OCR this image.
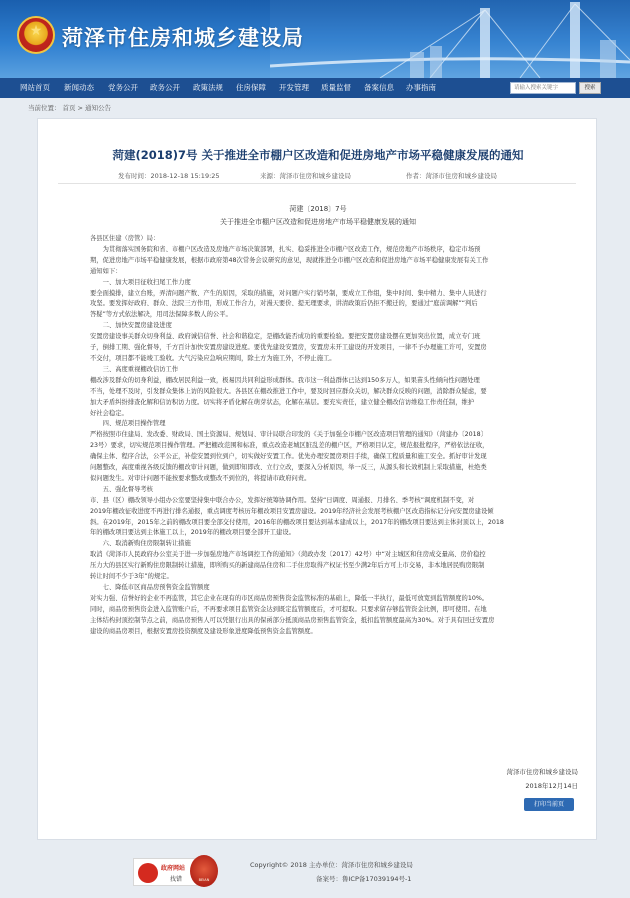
★ 菏泽市住房和城乡建设局
网站首页 新闻动态 党务公开 政务公开 政策法规 住房保障 开发管理 质量监督 备案信息 办事指南	请输入搜索关键字	搜索
当前位置： 首页 > 通知公告
菏建(2018)7号 关于推进全市棚户区改造和促进房地产市场平稳健康发展的通知
发布时间：2018-12-18 15:19:25	来源：菏泽市住房和城乡建设局	作者：菏泽市住房和城乡建设局
菏建〔2018〕7号
关于推进全市棚户区改造和促进房地产市场平稳健康发展的通知

各县区住建（房管）局：

　　为贯彻落实国务院和省、市棚户区改造及房地产市场决策部署，扎实、稳妥推进全市棚户区改造工作，规范房地产市场秩序，稳定市场预

期，促进房地产市场平稳健康发展，根据市政府第48次常务会议研究的意见，现就推进全市棚户区改造和促进房地产市场平稳健康发展有关工作

通知如下：

　　一、加大项目征收扫尾工作力度

要全面摸排，建立台账，弄清问题产数、产生的原因，采取的措施，对问题户实行销号制，要成立工作组，集中时间、集中精力、集中人员进行

攻坚。要发挥好政府、群众、法院三方作用，形成工作合力，对漫天要价、提无理要求，讲清政策后仍拒不搬迁的，要通过“庭前调解”“判后

答疑”等方式依法解决，用司法保障多数人的公平。

　　二、加快安置房建设进度

安置房建设事关群众切身利益、政府诚信信誉、社会和谐稳定，是棚改能否成功的重要检验。要把安置房建设摆在更加突出位置，成立专门班

子，倒排工期、强化督导，千方百计加快安置房建设进度。要优先建设安置房，安置房未开工建设的开发项目，一律不予办理施工许可，安置房

不交付，项目都不能竣工验收。大气污染应急响应期间，除土方为施工外，不停止施工。

　　三、高度重视棚改信访工作

棚改涉及群众的切身利益，棚改居民利益一致，极易因共同利益形成群体。我市这一利益群体已达到150多万人，如果苗头性倾向性问题处理

不当，处理不及时，引发群众集体上访的风险很大。各县区在棚改推进工作中，要及时回应群众关切，解决群众反映的问题，消除群众疑虑，要

加大矛盾纠纷排查化解和信访积访力度。切实将矛盾化解在萌芽状态，化解在基层。要充实责任，建立健全棚改信访维稳工作责任制，维护

好社会稳定。

　　四、规范项目操作管理

严格按照市住建局、发改委、财政局、国土资源局、规划局、审计局联合印发的《关于加强全市棚户区改造项目管理的通知》（菏建办〔2018〕

23号）要求，切实规范项目操作管理。严把棚改范围和标准，重点改造老城区脏乱差的棚户区，严格项目认定，规范报批程序，严格依法征收，

确保主体、程序合法，公平公正，补偿安置到位到户，切实做好安置工作。优先办理安置房项目手续，确保工程质量和施工安全。抓好审计发现

问题整改，高度重视各级反馈的棚改审计问题，做到即知即改、立行立改，要深入分析原因，举一反三，从源头和长效机制上采取措施，杜绝类

似问题发生。对审计问题不能按要求整改或整改不到位的，将提请市政府问责。

　　五、强化督导考核

市、县（区）棚改领导小组办公室要坚持集中联合办公，发挥好统筹协调作用。坚持“日调度、周通报、月排名、季考核”调度机制不变，对

2019年棚改征收进度不再进行排名通报，重点调度考核历年棚改项目安置房建设。2019年经济社会发展考核棚户区改造指标记分向安置房建设倾

斜。在2019年，2015年之前的棚改项目要全部交付使用，2016年的棚改项目要达到基本建成以上，2017年的棚改项目要达到主体封顶以上，2018

年的棚改项目要达到主体施工以上，2019年的棚改项目要全部开工建设。

　　六、取消新购住房限制转让措施

取消《菏泽市人民政府办公室关于进一步加强房地产市场调控工作的通知》（菏政办发〔2017〕42号）中“对主城区和住房成交量高、房价稳控

压力大的县区实行新购住房限制转让措施，即所购买的新建商品住房和二手住房取得产权证书至少满2年后方可上市交易，非本地居民购房限制

转让时间不少于3年”的规定。

　　七、降低市区商品房预售资金监管额度

对实力强、信誉好的企业不再监管，其它企业在现有的市区商品房预售资金监管标准的基础上，降低一半执行，最低可放宽到监管额度的10%。

同时，商品房预售资金进入监管账户后，不再要求项目监管资金达到既定监管额度后，才可提取。只要求留存够监管资金比例，即可使用。在地

主体结构封顶控制节点之前，商品房预售人可以凭银行出具的保函部分抵顶商品房预售监管资金，抵扣监管额度最高为30%。对于具有回迁安置房

建设的商品房项目，根据安置房投资额度及建设形象进度降低预售资金监管额度。

菏泽市住房和城乡建设局
2018年12月14日
打印当前页
政府网站
找错	BEIAN
Copyright© 2018 主办单位：菏泽市住房和城乡建设局
备案号：鲁ICP备17039194号-1
